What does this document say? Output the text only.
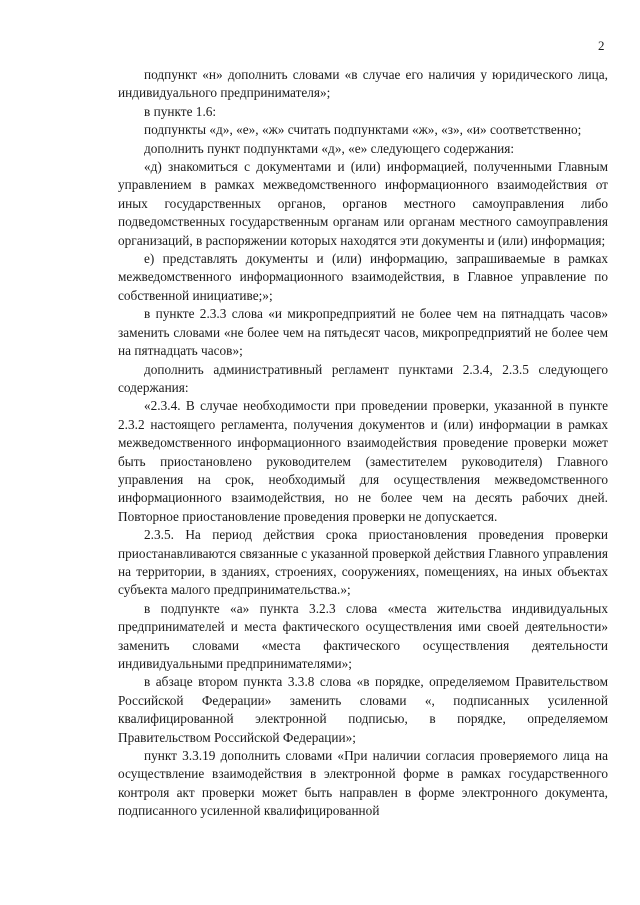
2

подпункт «н» дополнить словами «в случае его наличия у юридического лица, индивидуального предпринимателя»;

в пункте 1.6:

подпункты «д», «е», «ж» считать подпунктами «ж», «з», «и» соответственно;

дополнить пункт подпунктами «д», «е» следующего содержания:

«д) знакомиться с документами и (или) информацией, полученными Главным управлением в рамках межведомственного информационного взаимодействия от иных государственных органов, органов местного самоуправления либо подведомственных государственным органам или органам местного самоуправления организаций, в распоряжении которых находятся эти документы и (или) информация;

е) представлять документы и (или) информацию, запрашиваемые в рамках межведомственного информационного взаимодействия, в Главное управление по собственной инициативе;»;

в пункте 2.3.3 слова «и микропредприятий не более чем на пятнадцать часов» заменить словами «не более чем на пятьдесят часов, микропредприятий не более чем на пятнадцать часов»;

дополнить административный регламент пунктами 2.3.4, 2.3.5 следующего содержания:

«2.3.4. В случае необходимости при проведении проверки, указанной в пункте 2.3.2 настоящего регламента, получения документов и (или) информации в рамках межведомственного информационного взаимодействия проведение проверки может быть приостановлено руководителем (заместителем руководителя) Главного управления на срок, необходимый для осуществления межведомственного информационного взаимодействия, но не более чем на десять рабочих дней. Повторное приостановление проведения проверки не допускается.

2.3.5. На период действия срока приостановления проведения проверки приостанавливаются связанные с указанной проверкой действия Главного управления на территории, в зданиях, строениях, сооружениях, помещениях, на иных объектах субъекта малого предпринимательства.»;

в подпункте «а» пункта 3.2.3 слова «места жительства индивидуальных предпринимателей и места фактического осуществления ими своей деятельности» заменить словами «места фактического осуществления деятельности индивидуальными предпринимателями»;

в абзаце втором пункта 3.3.8 слова «в порядке, определяемом Правительством Российской Федерации» заменить словами «, подписанных усиленной квалифицированной электронной подписью, в порядке, определяемом Правительством Российской Федерации»;

пункт 3.3.19 дополнить словами «При наличии согласия проверяемого лица на осуществление взаимодействия в электронной форме в рамках государственного контроля акт проверки может быть направлен в форме электронного документа, подписанного усиленной квалифицированной
